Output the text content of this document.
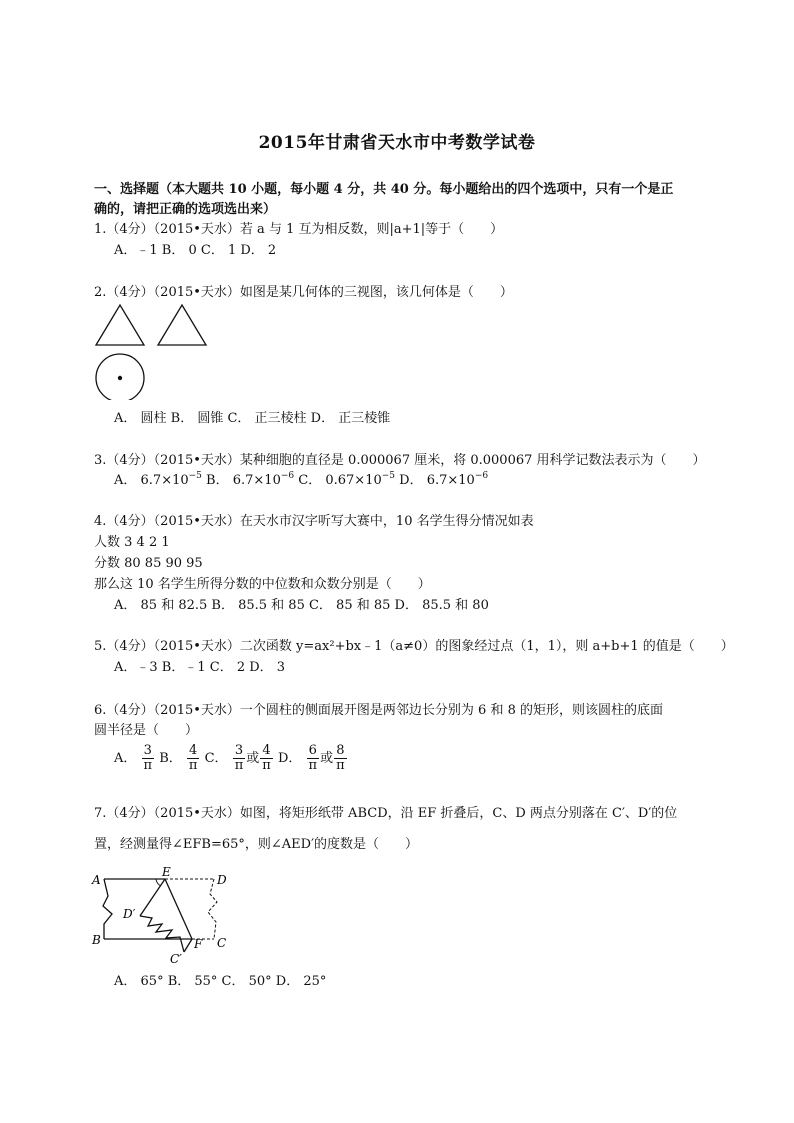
2015年甘肃省天水市中考数学试卷
一、选择题（本大题共 10 小题，每小题 4 分，共 40 分。每小题给出的四个选项中，只有一个是正
确的，请把正确的选项选出来）
1.（4分）（2015•天水）若 a 与 1 互为相反数，则|a+1|等于（　　）
A．﹣1 B． 0 C． 1 D． 2
2.（4分）（2015•天水）如图是某几何体的三视图，该几何体是（　　）
A． 圆柱 B． 圆锥 C． 正三棱柱 D． 正三棱锥
3.（4分）（2015•天水）某种细胞的直径是 0.000067 厘米，将 0.000067 用科学记数法表示为（　　）
A． $6.7\times 10^{-5}$ B． $6.7\times 10^{-6}$ C． $0.67\times 10^{-5}$ D． $6.7\times 10^{-6}$
4.（4分）（2015•天水）在天水市汉字听写大赛中，10 名学生得分情况如表
人数 3 4 2 1
分数 80 85 90 95
那么这 10 名学生所得分数的中位数和众数分别是（　　）
A． 85 和 82.5 B． 85.5 和 85 C． 85 和 85 D． 85.5 和 80
5.（4分）（2015•天水）二次函数 y=ax²+bx﹣1（a≠0）的图象经过点（1，1），则 a+b+1 的值是（　　）
A．﹣3 B．﹣1 C． 2 D． 3
6.（4分）（2015•天水）一个圆柱的侧面展开图是两邻边长分别为 6 和 8 的矩形，则该圆柱的底面
圆半径是（　　）
A． $\frac{3}{\pi}$ B． $\frac{4}{\pi}$ C． $\frac{3}{\pi}$ 或 $\frac{4}{\pi}$ D． $\frac{6}{\pi}$ 或 $\frac{8}{\pi}$
7.（4分）（2015•天水）如图，将矩形纸带 ABCD，沿 EF 折叠后，C、D 两点分别落在 C′、D′的位
置，经测量得∠EFB=65°，则∠AED′的度数是（　　）
A
B	C
D
E
F
C′
D′
A． 65° B． 55° C． 50° D． 25°
